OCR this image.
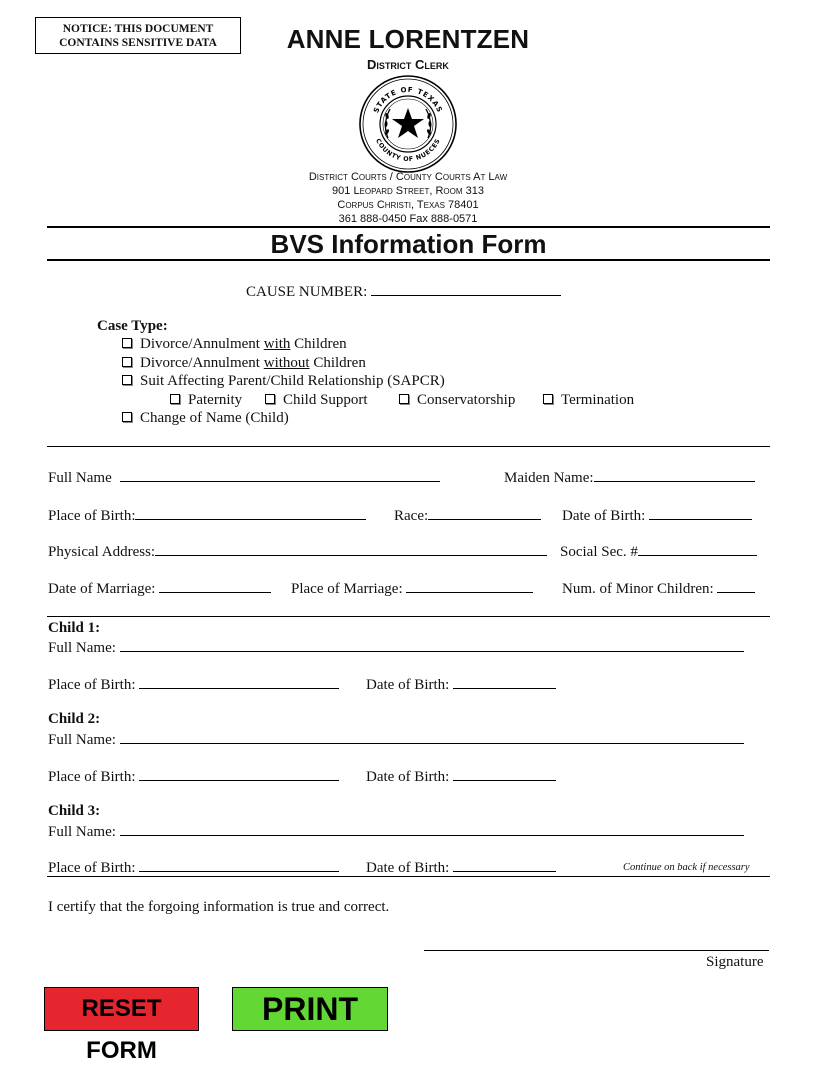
NOTICE: THIS DOCUMENT
CONTAINS SENSITIVE DATA	ANNE LORENTZEN
District Clerk
STATE OF TEXAS
COUNTY OF NUECES
District Courts / County Courts At Law
901 Leopard Street, Room 313
Corpus Christi, Texas 78401
361 888-0450 Fax 888-0571
BVS Information Form
CAUSE NUMBER:
Case Type:
Divorce/Annulment with Children
Divorce/Annulment without Children
Suit Affecting Parent/Child Relationship (SAPCR)
Paternity	Child Support	Conservatorship	Termination
Change of Name (Child)
Full Name	Maiden Name:
Place of Birth:	Race:	Date of Birth:
Physical Address:	Social Sec. #
Date of Marriage:	Place of Marriage:	Num. of Minor Children:
Child 1:
Full Name:
Place of Birth:	Date of Birth:
Child 2:
Full Name:
Place of Birth:	Date of Birth:
Child 3:
Full Name:
Place of Birth:	Date of Birth:	Continue on back if necessary
I certify that the forgoing information is true and correct.
Signature
RESET FORM
PRINT
